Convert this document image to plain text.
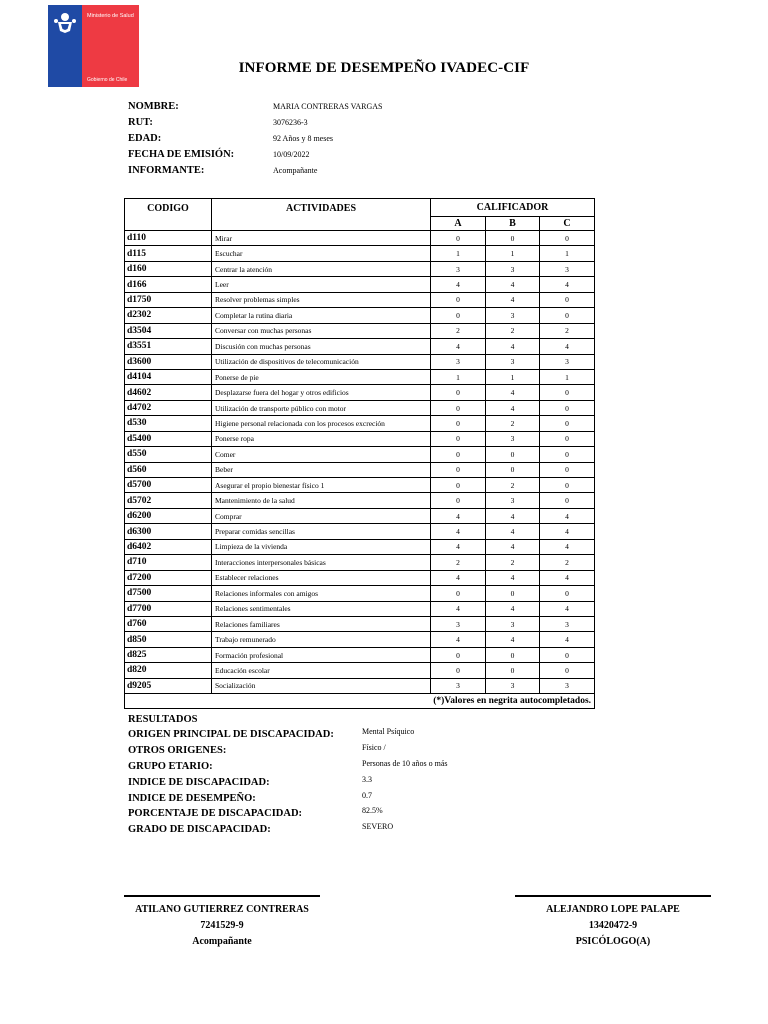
Ministerio de Salud
Gobierno de Chile
INFORME DE DESEMPEÑO IVADEC-CIF
NOMBRE:	MARIA CONTRERAS VARGAS
RUT:	3076236-3
EDAD:	92 Años y 8 meses
FECHA DE EMISIÓN:	10/09/2022
INFORMANTE:	Acompañante
CODIGO	ACTIVIDADES	CALIFICADOR		
		A	B	C
d110	Mirar	0	0	0
d115	Escuchar	1	1	1
d160	Centrar la atención	3	3	3
d166	Leer	4	4	4
d1750	Resolver problemas simples	0	4	0
d2302	Completar la rutina diaria	0	3	0
d3504	Conversar con muchas personas	2	2	2
d3551	Discusión con muchas personas	4	4	4
d3600	Utilización de dispositivos de telecomunicación	3	3	3
d4104	Ponerse de pie	1	1	1
d4602	Desplazarse fuera del hogar y otros edificios	0	4	0
d4702	Utilización de transporte público con motor	0	4	0
d530	Higiene personal relacionada con los procesos excreción	0	2	0
d5400	Ponerse ropa	0	3	0
d550	Comer	0	0	0
d560	Beber	0	0	0
d5700	Asegurar el propio bienestar físico 1	0	2	0
d5702	Mantenimiento de la salud	0	3	0
d6200	Comprar	4	4	4
d6300	Preparar comidas sencillas	4	4	4
d6402	Limpieza de la vivienda	4	4	4
d710	Interacciones interpersonales básicas	2	2	2
d7200	Establecer relaciones	4	4	4
d7500	Relaciones informales con amigos	0	0	0
d7700	Relaciones sentimentales	4	4	4
d760	Relaciones familiares	3	3	3
d850	Trabajo remunerado	4	4	4
d825	Formación profesional	0	0	0
d820	Educación escolar	0	0	0
d9205	Socialización	3	3	3
(*)Valores en negrita autocompletados.				
RESULTADOS
ORIGEN PRINCIPAL DE DISCAPACIDAD:	Mental Psíquico
OTROS ORIGENES:	Físico /
GRUPO ETARIO:	Personas de 10 años o más
INDICE DE DISCAPACIDAD:	3.3
INDICE DE DESEMPEÑO:	0.7
PORCENTAJE DE DISCAPACIDAD:	82.5%
GRADO DE DISCAPACIDAD:	SEVERO
ATILANO GUTIERREZ CONTRERAS
7241529-9
Acompañante
ALEJANDRO LOPE PALAPE
13420472-9
PSICÓLOGO(A)
